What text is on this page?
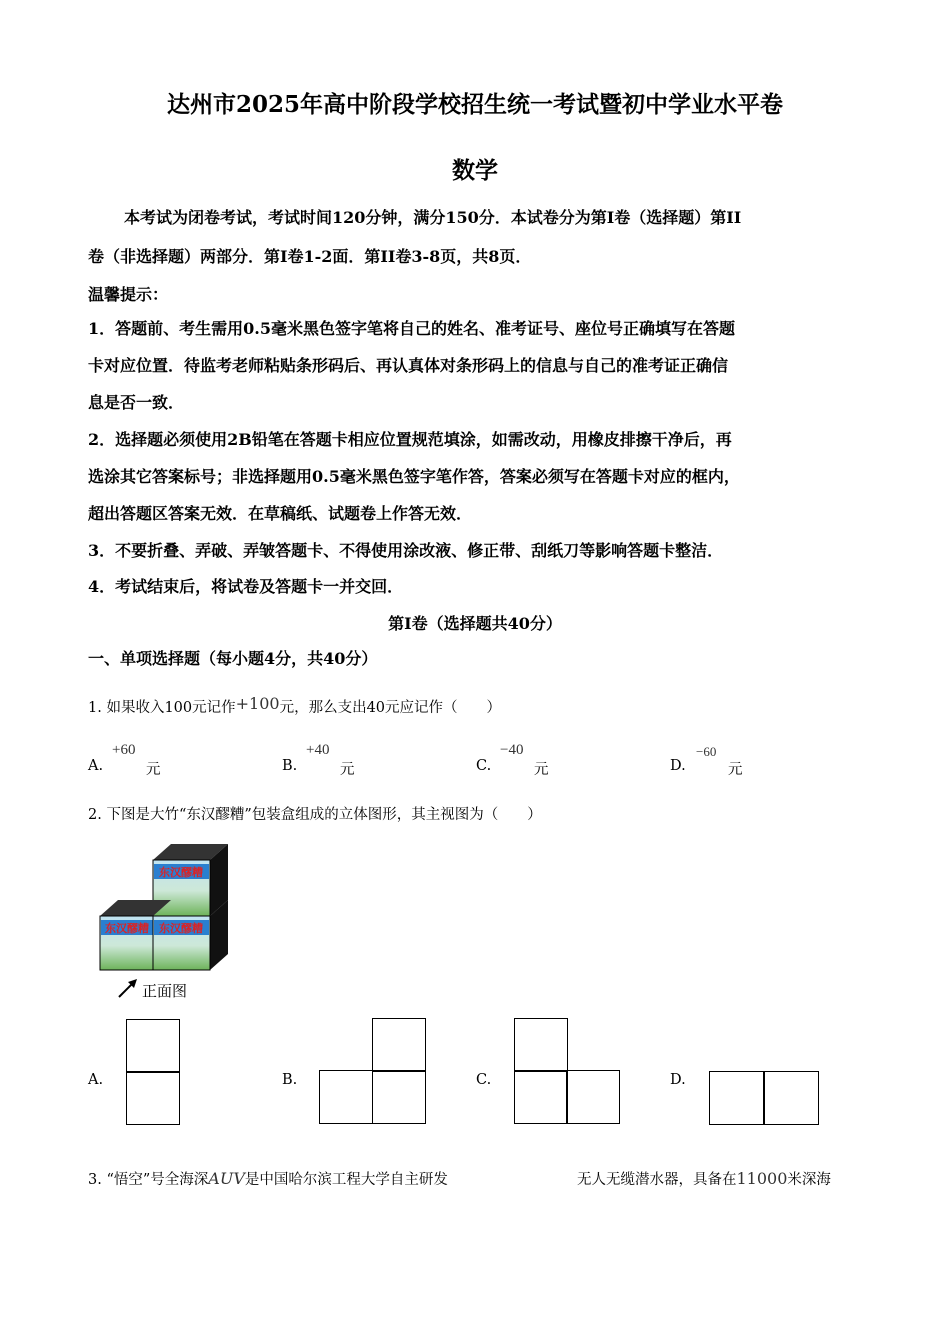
达州市2025年高中阶段学校招生统一考试暨初中学业水平卷
数学
本考试为闭卷考试，考试时间120分钟，满分150分．本试卷分为第I卷（选择题）第II
卷（非选择题）两部分．第I卷1-2面．第II卷3-8页，共8页．
温馨提示：
1．答题前、考生需用0.5毫米黑色签字笔将自己的姓名、准考证号、座位号正确填写在答题
卡对应位置．待监考老师粘贴条形码后、再认真体对条形码上的信息与自己的准考证正确信
息是否一致．
2．选择题必须使用2B铅笔在答题卡相应位置规范填涂，如需改动，用橡皮排擦干净后，再
选涂其它答案标号；非选择题用0.5毫米黑色签字笔作答，答案必须写在答题卡对应的框内，
超出答题区答案无效．在草稿纸、试题卷上作答无效．
3．不要折叠、弄破、弄皱答题卡、不得使用涂改液、修正带、刮纸刀等影响答题卡整洁．
4．考试结束后，将试卷及答题卡一并交回．
第I卷（选择题共40分）
一、单项选择题（每小题4分，共40分）
1. 如果收入100元记作+100元，那么支出40元应记作（　　）
A.
+60
元	B.
+40
元	C.
−40
元	D.
−60
元
2. 下图是大竹“东汉醪糟”包装盒组成的立体图形，其主视图为（　　）
东汉醪糟
东汉醪糟 东汉醪糟
正面图
A.	B.	C.	D.
3. “悟空”号全海深AUV是中国哈尔滨工程大学自主研发	无人无缆潜水器，具备在11000米深海
